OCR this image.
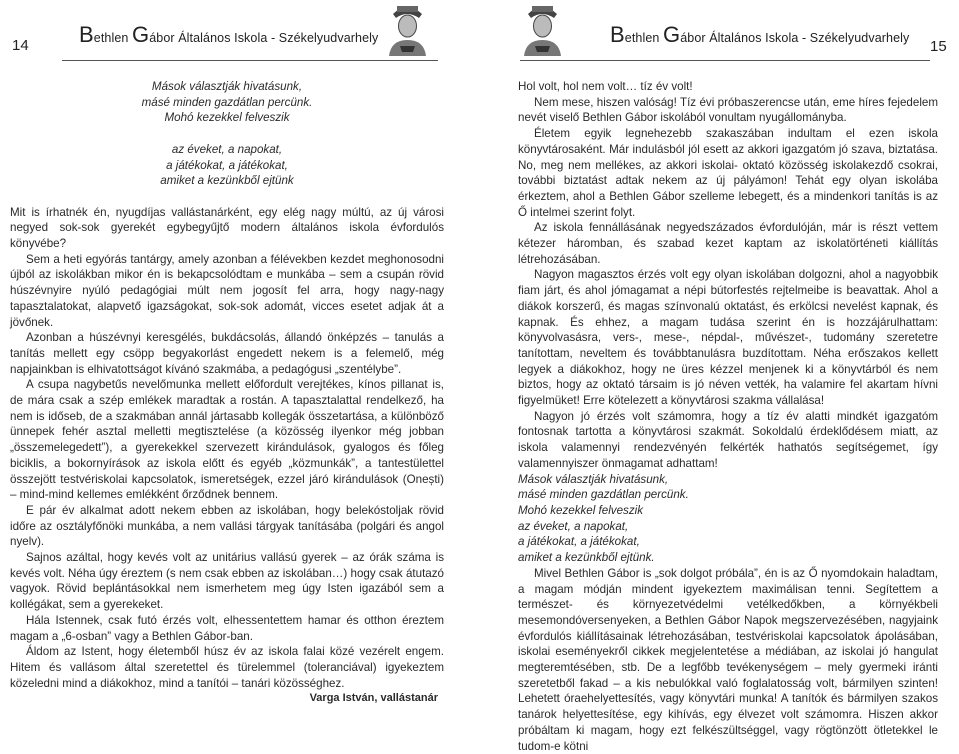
14 Bethlen Gábor Általános Iskola - Székelyudvarhely

Mások választják hivatásunk,

másé minden gazdátlan percünk.

Mohó kezekkel felveszik

az éveket, a napokat,

a játékokat, a játékokat,

amiket a kezünkből ejtünk

Mit is írhatnék én, nyugdíjas vallástanárként, egy elég nagy múltú, az új városi negyed sok-sok gyerekét egybegyűjtő modern általános iskola évfordulós könyvébe?

Sem a heti egyórás tantárgy, amely azonban a félévekben kezdet meghonosodni újból az iskolákban mikor én is bekapcsolódtam e munkába – sem a csupán rövid húszévnyire nyúló pedagógiai múlt nem jogosít fel arra, hogy nagy-nagy tapasztalatokat, alapvető igazságokat, sok-sok adomát, vicces esetet adjak át a jövőnek.

Azonban a húszévnyi keresgélés, bukdácsolás, állandó önképzés – tanulás a tanítás mellett egy csöpp begyakorlást engedett nekem is a felemelő, még napjainkban is elhivatottságot kívánó szakmába, a pedagógusi „szentélybe”.

A csupa nagybetűs nevelőmunka mellett előfordult verejtékes, kínos pillanat is, de mára csak a szép emlékek maradtak a rostán. A tapasztalattal rendelkező, ha nem is időseb, de a szakmában annál jártasabb kollegák összetartása, a különböző ünnepek fehér asztal melletti megtisztelése (a közösség ilyenkor még jobban „összemelegedett”), a gyerekekkel szervezett kirándulások, gyalogos és főleg biciklis, a bokornyírások az iskola előtt és egyéb „közmunkák”, a tantestülettel összejött testvériskolai kapcsolatok, ismeretségek, ezzel járó kirándulások (Onești) – mind-mind kellemes emlékként őrződnek bennem.

E pár év alkalmat adott nekem ebben az iskolában, hogy belekóstoljak rövid időre az osztályfőnöki munkába, a nem vallási tárgyak tanításába (polgári és angol nyelv).

Sajnos azáltal, hogy kevés volt az unitárius vallású gyerek – az órák száma is kevés volt. Néha úgy éreztem (s nem csak ebben az iskolában…) hogy csak átutazó vagyok. Rövid beplántásokkal nem ismerhetem meg úgy Isten igazából sem a kollégákat, sem a gyerekeket.

Hála Istennek, csak futó érzés volt, elhessentettem hamar és otthon éreztem magam a „6-osban” vagy a Bethlen Gábor-ban.

Áldom az Istent, hogy életemből húsz év az iskola falai közé vezérelt engem. Hitem és vallásom által szeretettel és türelemmel (toleranciával) igyekeztem közeledni mind a diákokhoz, mind a tanítói – tanári közösséghez.

Varga István, vallástanár

Bethlen Gábor Általános Iskola - Székelyudvarhely 15

Hol volt, hol nem volt… tíz év volt!

Nem mese, hiszen valóság! Tíz évi próbaszerencse után, eme híres fejedelem nevét viselő Bethlen Gábor iskolából vonultam nyugállományba.

Életem egyik legnehezebb szakaszában indultam el ezen iskola könyvtárosaként. Már indulásból jól esett az akkori igazgatóm jó szava, biztatása. No, meg nem mellékes, az akkori iskolai- oktató közösség iskolakezdő csokrai, további biztatást adtak nekem az új pályámon! Tehát egy olyan iskolába érkeztem, ahol a Bethlen Gábor szelleme lebegett, és a mindenkori tanítás is az Ő intelmei szerint folyt.

Az iskola fennállásának negyedszázados évfordulóján, már is részt vettem kétezer háromban, és szabad kezet kaptam az iskolatörténeti kiállítás létrehozásában.

Nagyon magasztos érzés volt egy olyan iskolában dolgozni, ahol a nagyobbik fiam járt, és ahol jómagamat a népi bútorfestés rejtelmeibe is beavattak. Ahol a diákok korszerű, és magas színvonalú oktatást, és erkölcsi nevelést kapnak, és kapnak. És ehhez, a magam tudása szerint én is hozzájárulhattam: könyvolvasásra, vers-, mese-, népdal-, művészet-, tudomány szeretetre tanítottam, neveltem és továbbtanulásra buzdítottam. Néha erőszakos kellett legyek a diákokhoz, hogy ne üres kézzel menjenek ki a könyvtárból és nem biztos, hogy az oktató társaim is jó néven vették, ha valamire fel akartam hívni figyelmüket! Erre kötelezett a könyvtárosi szakma vállalása!

Nagyon jó érzés volt számomra, hogy a tíz év alatti mindkét igazgatóm fontosnak tartotta a könyvtárosi szakmát. Sokoldalú érdeklődésem miatt, az iskola valamennyi rendezvényén felkérték hathatós segítségemet, így valamennyiszer önmagamat adhattam!

Mások választják hivatásunk,

másé minden gazdátlan percünk.

Mohó kezekkel felveszik

az éveket, a napokat,

a játékokat, a játékokat,

amiket a kezünkből ejtünk.

Mivel Bethlen Gábor is „sok dolgot próbála”, én is az Ő nyomdokain haladtam, a magam módján mindent igyekeztem maximálisan tenni. Segítettem a természet- és környezetvédelmi vetélkedőkben, a környékbeli mesemondóversenyeken, a Bethlen Gábor Napok megszervezésében, nagyjaink évfordulós kiállításainak létrehozásában, testvériskolai kapcsolatok ápolásában, iskolai eseményekről cikkek megjelentetése a médiában, az iskolai jó hangulat megteremtésében, stb. De a legfőbb tevékenységem – mely gyermeki iránti szeretetből fakad – a kis nebulókkal való foglalatosság volt, bármilyen szinten! Lehetett óraehelyettesítés, vagy könyvtári munka! A tanítók és bármilyen szakos tanárok helyettesítése, egy kihívás, egy élvezet volt számomra. Hiszen akkor próbáltam ki magam, hogy ezt felkészültséggel, vagy rögtönzött ötletekkel le tudom-e kötni
